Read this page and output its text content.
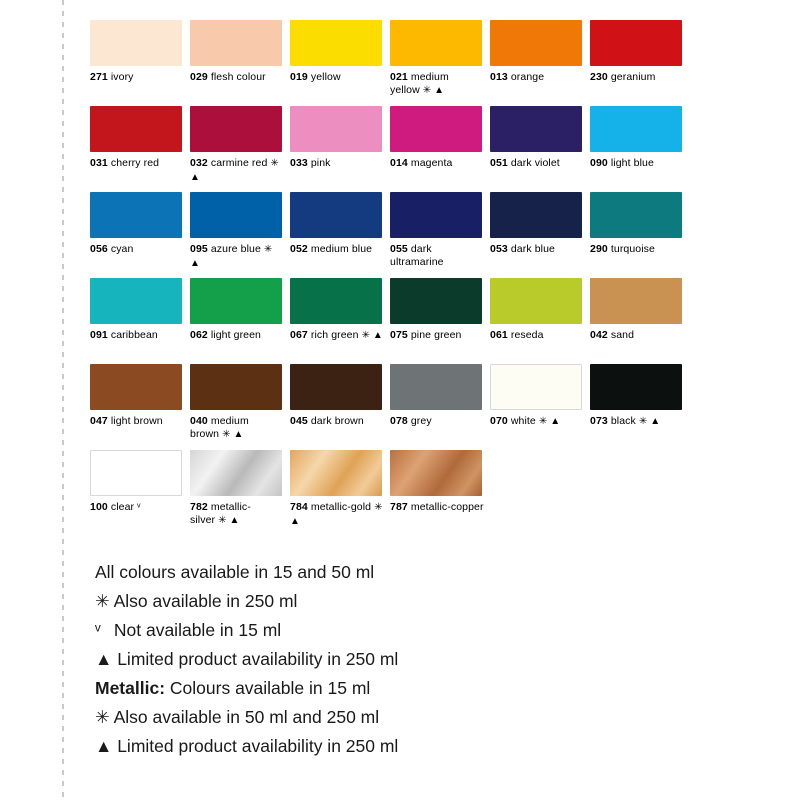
271 ivory	029 flesh colour	019 yellow	021 medium yellow ✳ ▲
013 orange	230 geranium
031 cherry red	032 carmine red ✳ ▲
033 pink	014 magenta	051 dark violet	090 light blue
056 cyan	095 azure blue ✳ ▲
052 medium blue	055 dark ultramarine
053 dark blue	290 turquoise
091 caribbean	062 light green	067 rich green ✳ ▲ 075 pine green	061 reseda	042 sand
047 light brown	040 medium brown ✳ ▲
045 dark brown	078 grey	070 white ✳ ▲	073 black ✳ ▲
100 clear ᵛ	782 metallic-silver ✳ ▲
784 metallic-gold ✳ ▲
787 metallic-copper
All colours available in 15 and 50 ml
✳ Also available in 250 ml
ᵛ Not available in 15 ml
▲ Limited product availability in 250 ml
Metallic: Colours available in 15 ml
✳ Also available in 50 ml and 250 ml
▲ Limited product availability in 250 ml
